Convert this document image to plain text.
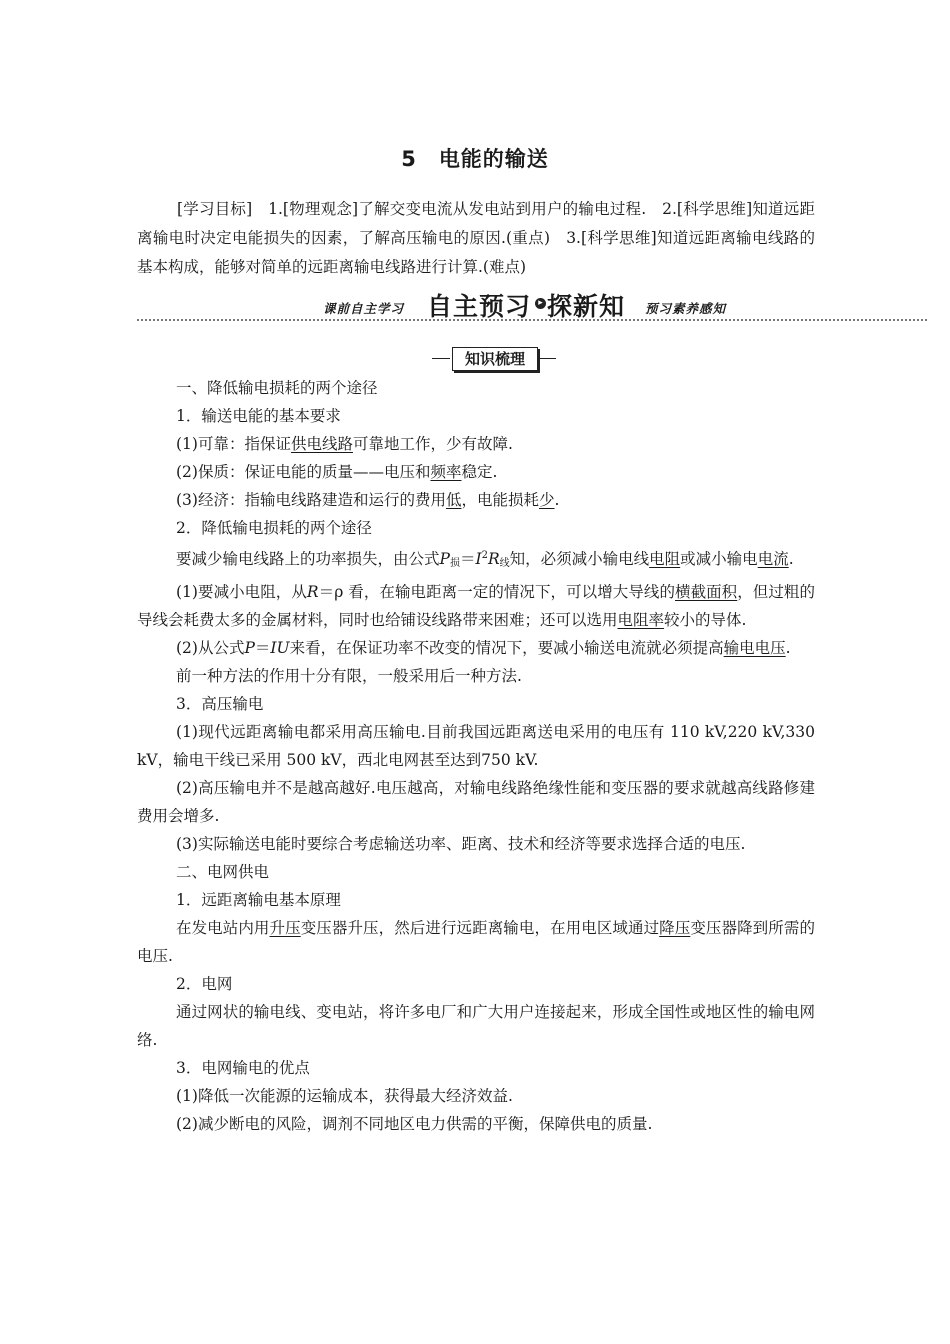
5 电能的输送
[学习目标]　1.[物理观念]了解交变电流从发电站到用户的输电过程.　2.[科学思维]知道远距离输电时决定电能损失的因素，了解高压输电的原因.(重点)　3.[科学思维]知道远距离输电线路的基本构成，能够对简单的远距离输电线路进行计算.(难点)
课前自主学习 自主预习 ▸ 探新知 预习素养感知
知识梳理

一、降低输电损耗的两个途径

1．输送电能的基本要求

(1)可靠：指保证供电线路可靠地工作，少有故障.

(2)保质：保证电能的质量——电压和频率稳定.

(3)经济：指输电线路建造和运行的费用低，电能损耗少.

2．降低输电损耗的两个途径

要减少输电线路上的功率损失，由公式$P_损=I^2R_线$知，必须减小输电线电阻或减小输电电流.

(1)要减小电阻，从R＝ρ 看，在输电距离一定的情况下，可以增大导线的横截面积，但过粗的导线会耗费太多的金属材料，同时也给铺设线路带来困难；还可以选用电阻率较小的导体.

(2)从公式P＝IU来看，在保证功率不改变的情况下，要减小输送电流就必须提高输电电压.

前一种方法的作用十分有限，一般采用后一种方法.

3．高压输电

(1)现代远距离输电都采用高压输电.目前我国远距离送电采用的电压有 110 kV,220 kV,330 kV，输电干线已采用 500 kV，西北电网甚至达到750 kV.

(2)高压输电并不是越高越好.电压越高，对输电线路绝缘性能和变压器的要求就越高线路修建费用会增多.

(3)实际输送电能时要综合考虑输送功率、距离、技术和经济等要求选择合适的电压.

二、电网供电

1．远距离输电基本原理

在发电站内用升压变压器升压，然后进行远距离输电，在用电区域通过降压变压器降到所需的电压.

2．电网

通过网状的输电线、变电站，将许多电厂和广大用户连接起来，形成全国性或地区性的输电网络.

3．电网输电的优点

(1)降低一次能源的运输成本，获得最大经济效益.

(2)减少断电的风险，调剂不同地区电力供需的平衡，保障供电的质量.
